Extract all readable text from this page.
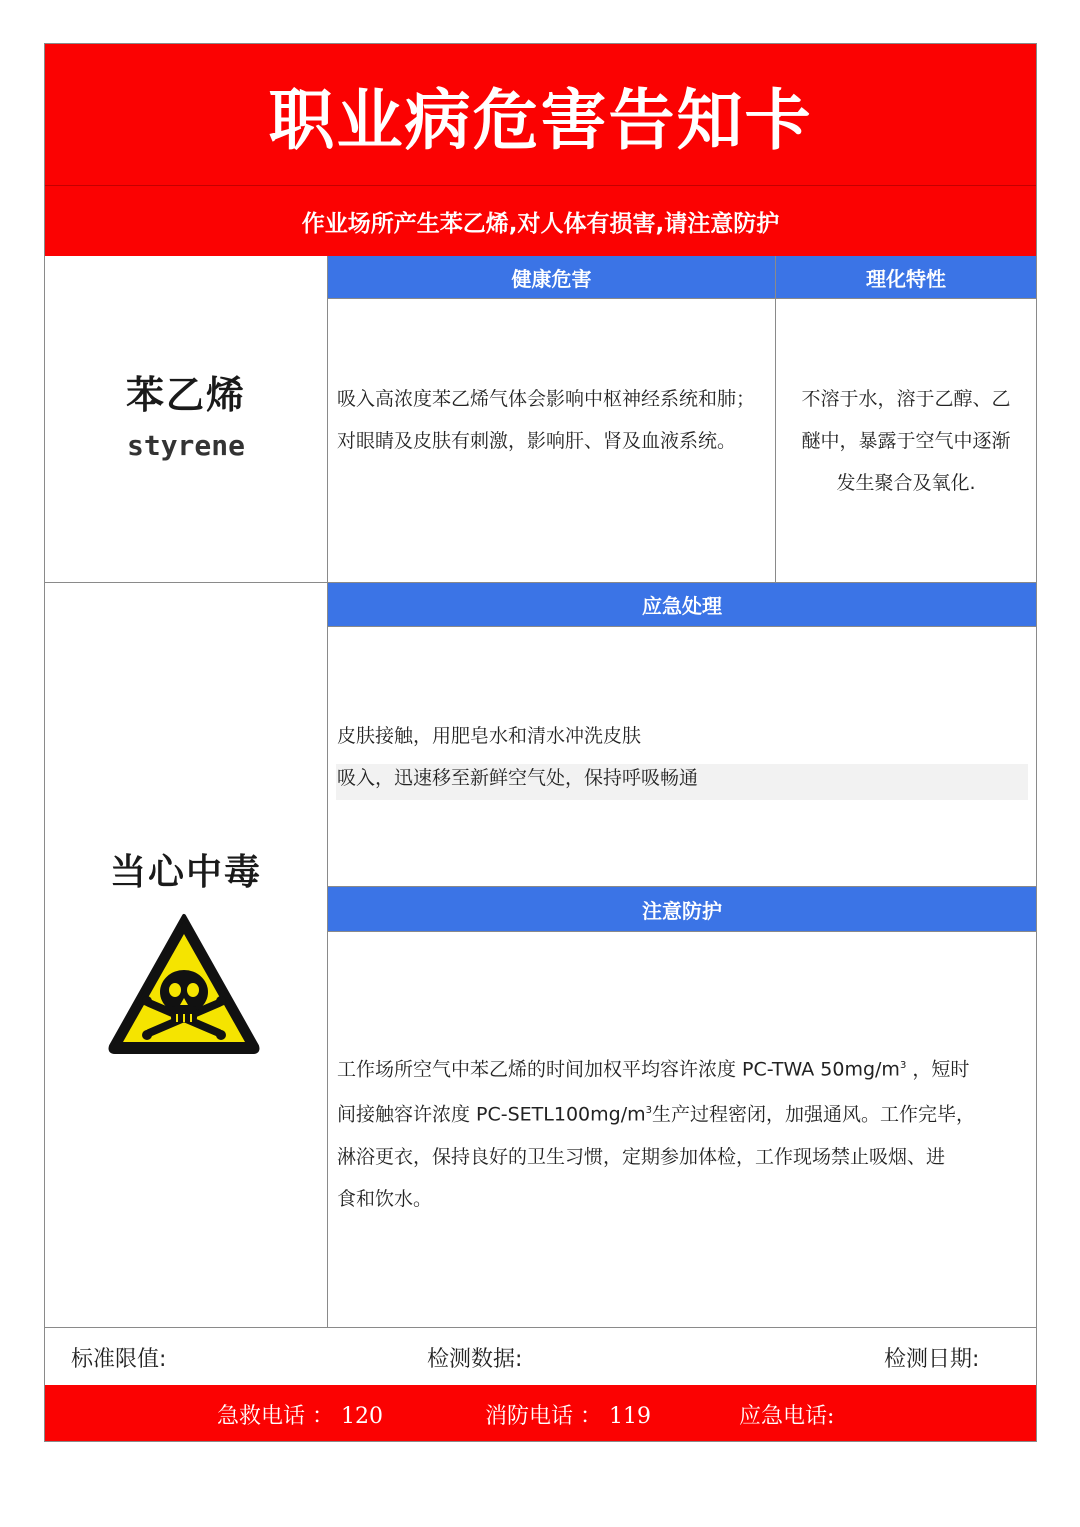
职业病危害告知卡
作业场所产生苯乙烯,对人体有损害,请注意防护
苯乙烯
styrene
健康危害	理化特性
应急处理
注意防护
吸入高浓度苯乙烯气体会影响中枢神经系统和肺；对眼睛及皮肤有刺激，影响肝、肾及血液系统。
不溶于水，溶于乙醇、乙
醚中，暴露于空气中逐渐
发生聚合及氧化.
皮肤接触，用肥皂水和清水冲洗皮肤
吸入，迅速移至新鲜空气处，保持呼吸畅通
工作场所空气中苯乙烯的时间加权平均容许浓度 PC-TWA $50mg/m^3$ ，短时
间接触容许浓度 $PC-SETL100mg/m^3$生产过程密闭，加强通风。工作完毕，
淋浴更衣，保持良好的卫生习惯，定期参加体检，工作现场禁止吸烟、进
食和饮水。
当心中毒
标准限值:	检测数据:	检测日期:
急救电话 ： 120	消防电话 ： 119	应急电话:
